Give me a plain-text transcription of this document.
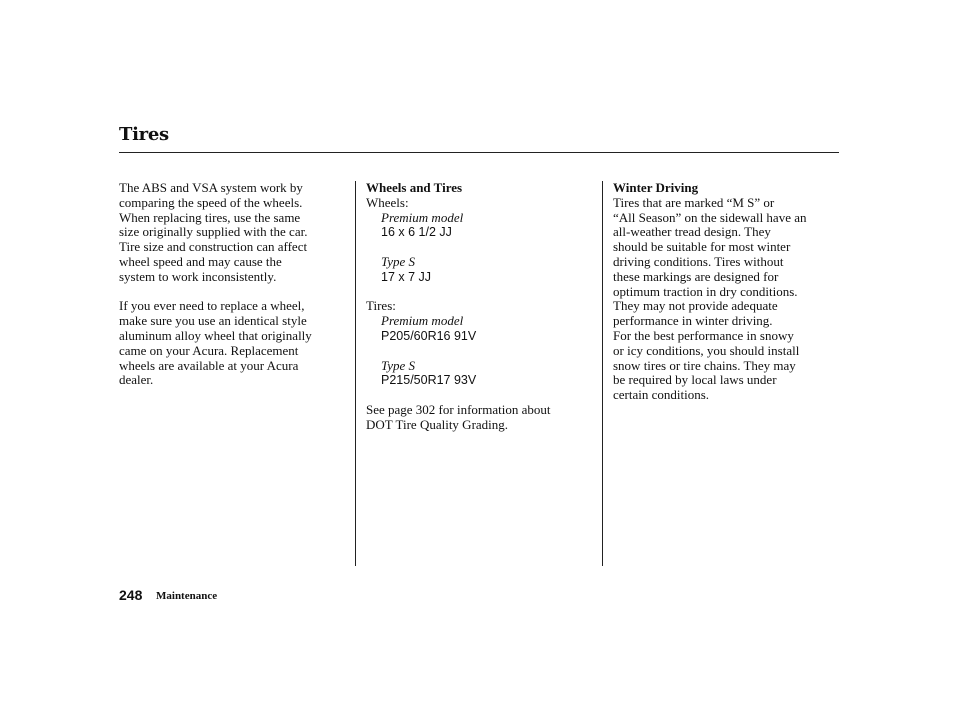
Tires

The ABS and VSA system work by
comparing the speed of the wheels.
When replacing tires, use the same
size originally supplied with the car.
Tire size and construction can affect
wheel speed and may cause the
system to work inconsistently.

If you ever need to replace a wheel,
make sure you use an identical style
aluminum alloy wheel that originally
came on your Acura. Replacement
wheels are available at your Acura
dealer.

Wheels and Tires

Wheels:

Premium model

16 x 6 1/2 JJ

Type S

17 x 7 JJ

Tires:

Premium model

P205/60R16 91V

Type S

P215/50R17 93V

See page 302 for information about
DOT Tire Quality Grading.

Winter Driving

Tires that are marked “M S” or
“All Season” on the sidewall have an
all-weather tread design. They
should be suitable for most winter
driving conditions. Tires without
these markings are designed for
optimum traction in dry conditions.
They may not provide adequate
performance in winter driving.
For the best performance in snowy
or icy conditions, you should install
snow tires or tire chains. They may
be required by local laws under
certain conditions.

248 Maintenance
